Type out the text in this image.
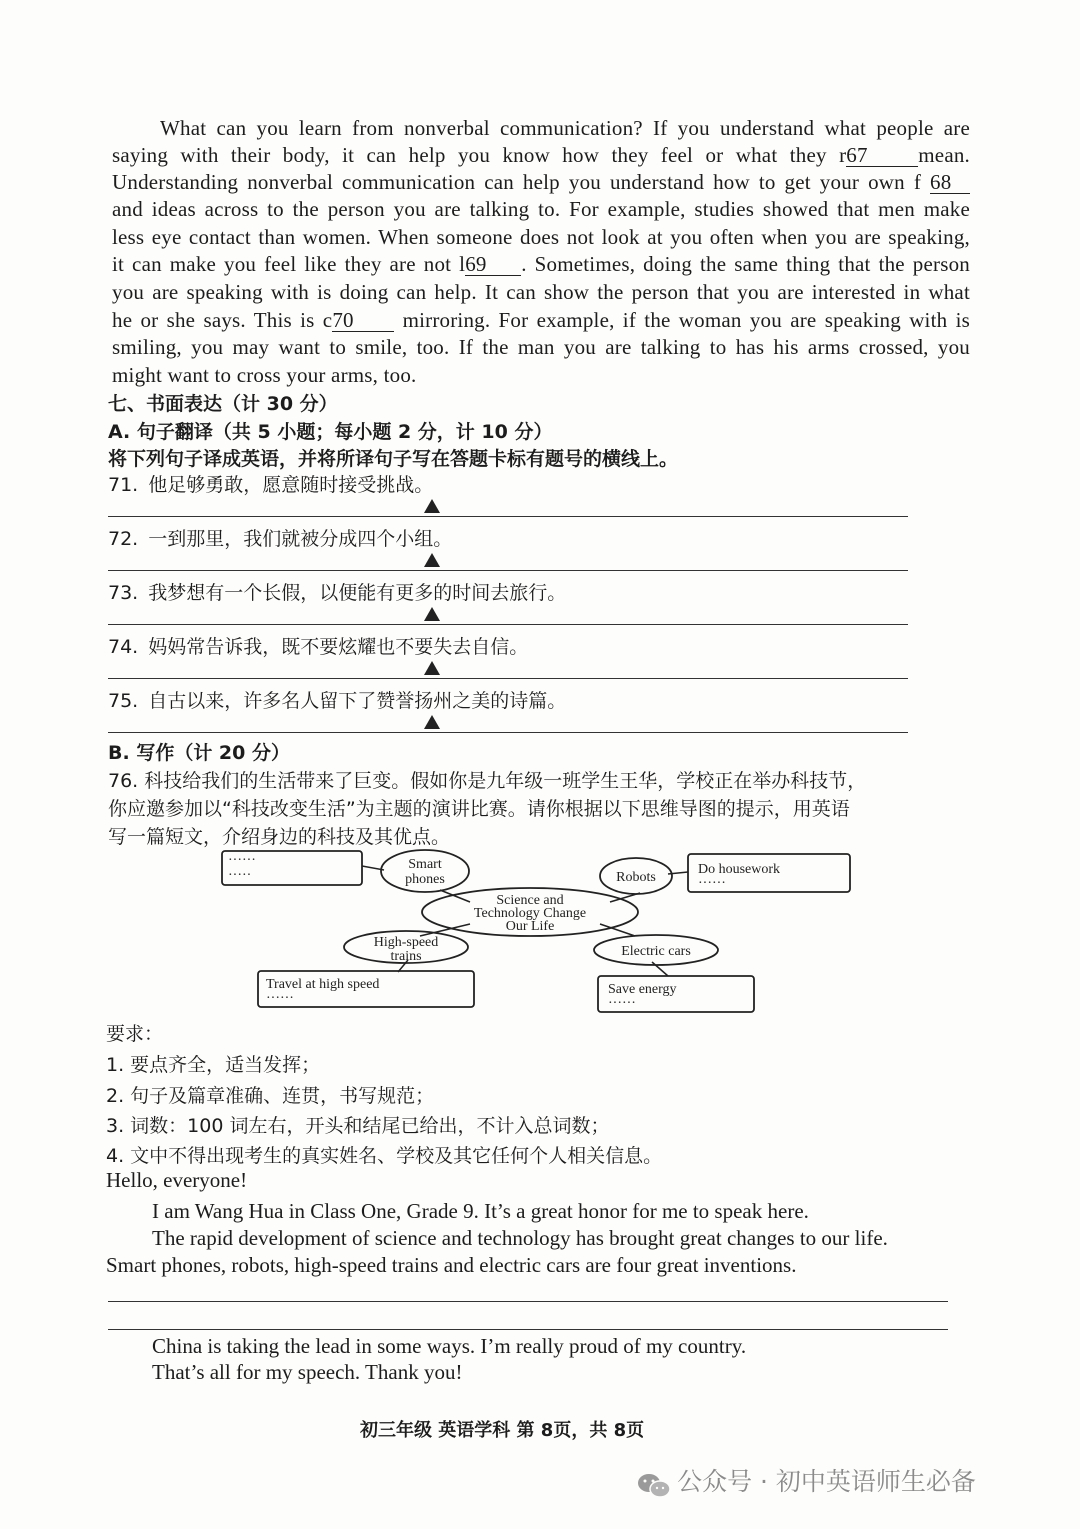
What can you learn from nonverbal communication? If you understand what people are
saying with their body, it can help you know how they feel or what they r67 mean.
Understanding nonverbal communication can help you understand how to get your own f 68
and ideas across to the person you are talking to. For example, studies showed that men make
less eye contact than women. When someone does not look at you often when you are speaking,
it can make you feel like they are not l69 . Sometimes, doing the same thing that the person
you are speaking with is doing can help. It can show the person that you are interested in what
he or she says. This is c70 mirroring. For example, if the woman you are speaking with is
smiling, you may want to smile, too. If the man you are talking to has his arms crossed, you
might want to cross your arms, too.
七、书面表达（计 30 分）
A. 句子翻译（共 5 小题；每小题 2 分，计 10 分）
将下列句子译成英语，并将所译句子写在答题卡标有题号的横线上。
71. 他足够勇敢，愿意随时接受挑战。
72. 一到那里，我们就被分成四个小组。
73. 我梦想有一个长假，以便能有更多的时间去旅行。
74. 妈妈常告诉我，既不要炫耀也不要失去自信。
75. 自古以来，许多名人留下了赞誉扬州之美的诗篇。
B. 写作（计 20 分）
76. 科技给我们的生活带来了巨变。假如你是九年级一班学生王华，学校正在举办科技节，
你应邀参加以“科技改变生活”为主题的演讲比赛。请你根据以下思维导图的提示，用英语
写一篇短文，介绍身边的科技及其优点。
······
·····
Smart
phones
Science and
Technology Change
Our Life
Robots
Do housework
······
High-speed
trains	Electric cars
Travel at high speed
······
Save energy
······
要求：
1. 要点齐全，适当发挥；
2. 句子及篇章准确、连贯，书写规范；
3. 词数：100 词左右，开头和结尾已给出，不计入总词数；
4. 文中不得出现考生的真实姓名、学校及其它任何个人相关信息。
Hello, everyone!
I am Wang Hua in Class One, Grade 9. It’s a great honor for me to speak here.
The rapid development of science and technology has brought great changes to our life.
Smart phones, robots, high-speed trains and electric cars are four great inventions.
China is taking the lead in some ways. I’m really proud of my country.
That’s all for my speech. Thank you!
初三年级 英语学科 第 8页，共 8页
公众号 · 初中英语师生必备
